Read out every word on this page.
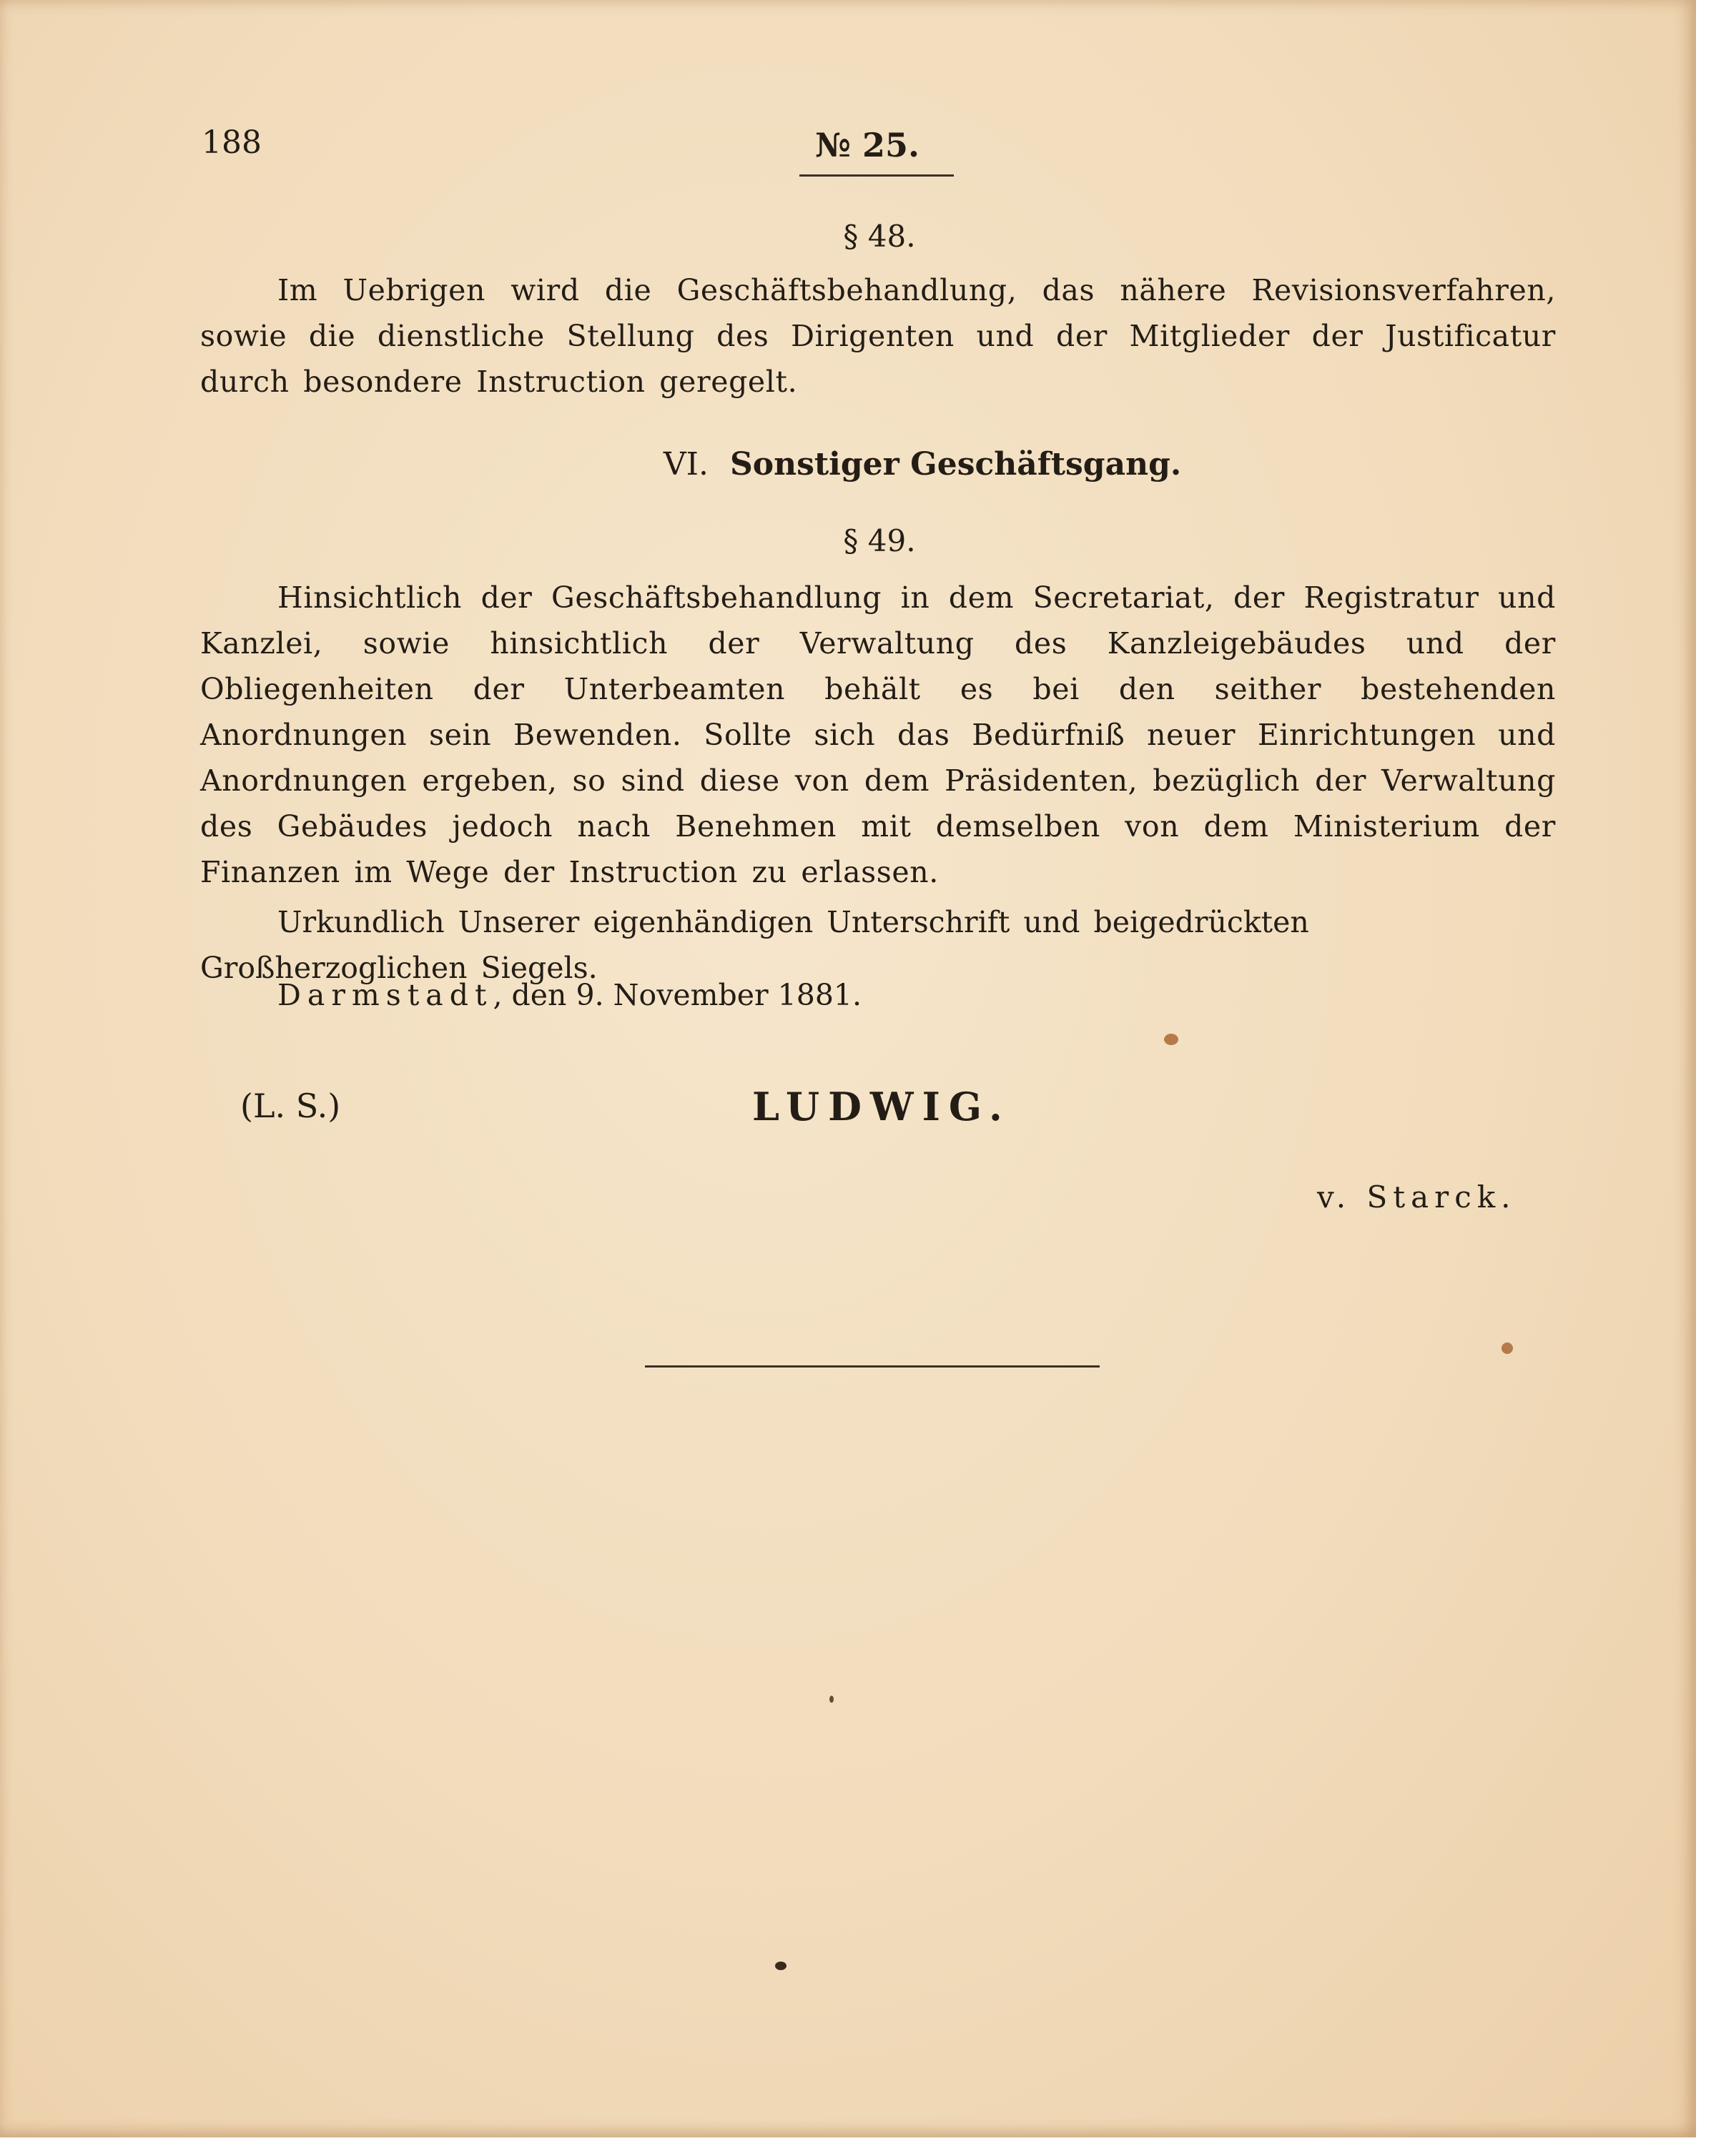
188	№ 25.
§ 48.

Im Uebrigen wird die Geschäftsbehandlung, das nähere Revisionsverfahren, sowie die dienstliche Stellung des Dirigenten und der Mitglieder der Justificatur durch besondere Instruction geregelt.

VI. Sonstiger Geschäftsgang.
§ 49.

Hinsichtlich der Geschäftsbehandlung in dem Secretariat, der Registratur und Kanzlei, sowie hinsichtlich der Verwaltung des Kanzleigebäudes und der Obliegenheiten der Unterbeamten behält es bei den seither bestehenden Anordnungen sein Bewenden. Sollte sich das Bedürfniß neuer Einrichtungen und Anordnungen ergeben, so sind diese von dem Präsidenten, bezüglich der Verwaltung des Gebäudes jedoch nach Benehmen mit demselben von dem Ministerium der Finanzen im Wege der Instruction zu erlassen.

Urkundlich Unserer eigenhändigen Unterschrift und beigedrückten Großherzoglichen Siegels.

Darmstadt, den 9. November 1881.

(L. S.)	LUDWIG.
v. Starck.
